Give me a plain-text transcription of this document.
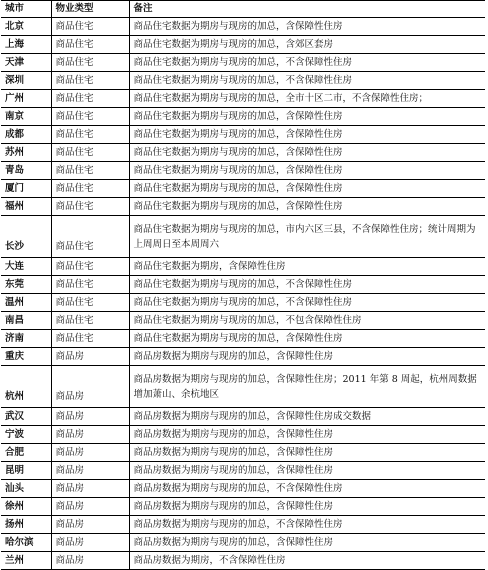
城市	物业类型	备注
北京	商品住宅	商品住宅数据为期房与现房的加总，含保障性住房
上海	商品住宅	商品住宅数据为期房与现房的加总，含郊区套房
天津	商品住宅	商品住宅数据为期房与现房的加总，不含保障性住房
深圳	商品住宅	商品住宅数据为期房与现房的加总，不含保障性住房
广州	商品住宅	商品住宅数据为期房与现房的加总，全市十区二市，不含保障性住房；
南京	商品住宅	商品住宅数据为期房与现房的加总，含保障性住房
成都	商品住宅	商品住宅数据为期房与现房的加总，含保障性住房
苏州	商品住宅	商品住宅数据为期房与现房的加总，含保障性住房
青岛	商品住宅	商品住宅数据为期房与现房的加总，含保障性住房
厦门	商品住宅	商品住宅数据为期房与现房的加总，含保障性住房
福州	商品住宅	商品住宅数据为期房与现房的加总，含保障性住房
长沙	商品住宅	商品住宅数据为期房与现房的加总，市内六区三县，不含保障性住房；统计周期为上周周日至本周周六
大连	商品住宅	商品住宅数据为期房，含保障性住房
东莞	商品住宅	商品住宅数据为期房与现房的加总，不含保障性住房
温州	商品住宅	商品住宅数据为期房与现房的加总，不含保障性住房
南昌	商品住宅	商品住宅数据为期房与现房的加总，不包含保障性住房
济南	商品住宅	商品住宅数据为期房与现房的加总，含保障性住房
重庆	商品房	商品房数据为期房与现房的加总，含保障性住房
杭州	商品房	商品房数据为期房与现房的加总，含保障性住房；2011 年第 8 周起，杭州周数据增加萧山、余杭地区
武汉	商品房	商品房数据为期房与现房的加总，含保障性住房成交数据
宁波	商品房	商品房数据为期房与现房的加总，含保障性住房
合肥	商品房	商品房数据为期房与现房的加总，含保障性住房
昆明	商品房	商品房数据为期房与现房的加总，含保障性住房
汕头	商品房	商品房数据为期房与现房的加总，不含保障性住房
徐州	商品房	商品房数据为期房与现房的加总，含保障性住房
扬州	商品房	商品房数据为期房与现房的加总，不含保障性住房
哈尔滨	商品房	商品房数据为期房与现房的加总，含保障性住房
兰州	商品房	商品房数据为期房，不含保障性住房
